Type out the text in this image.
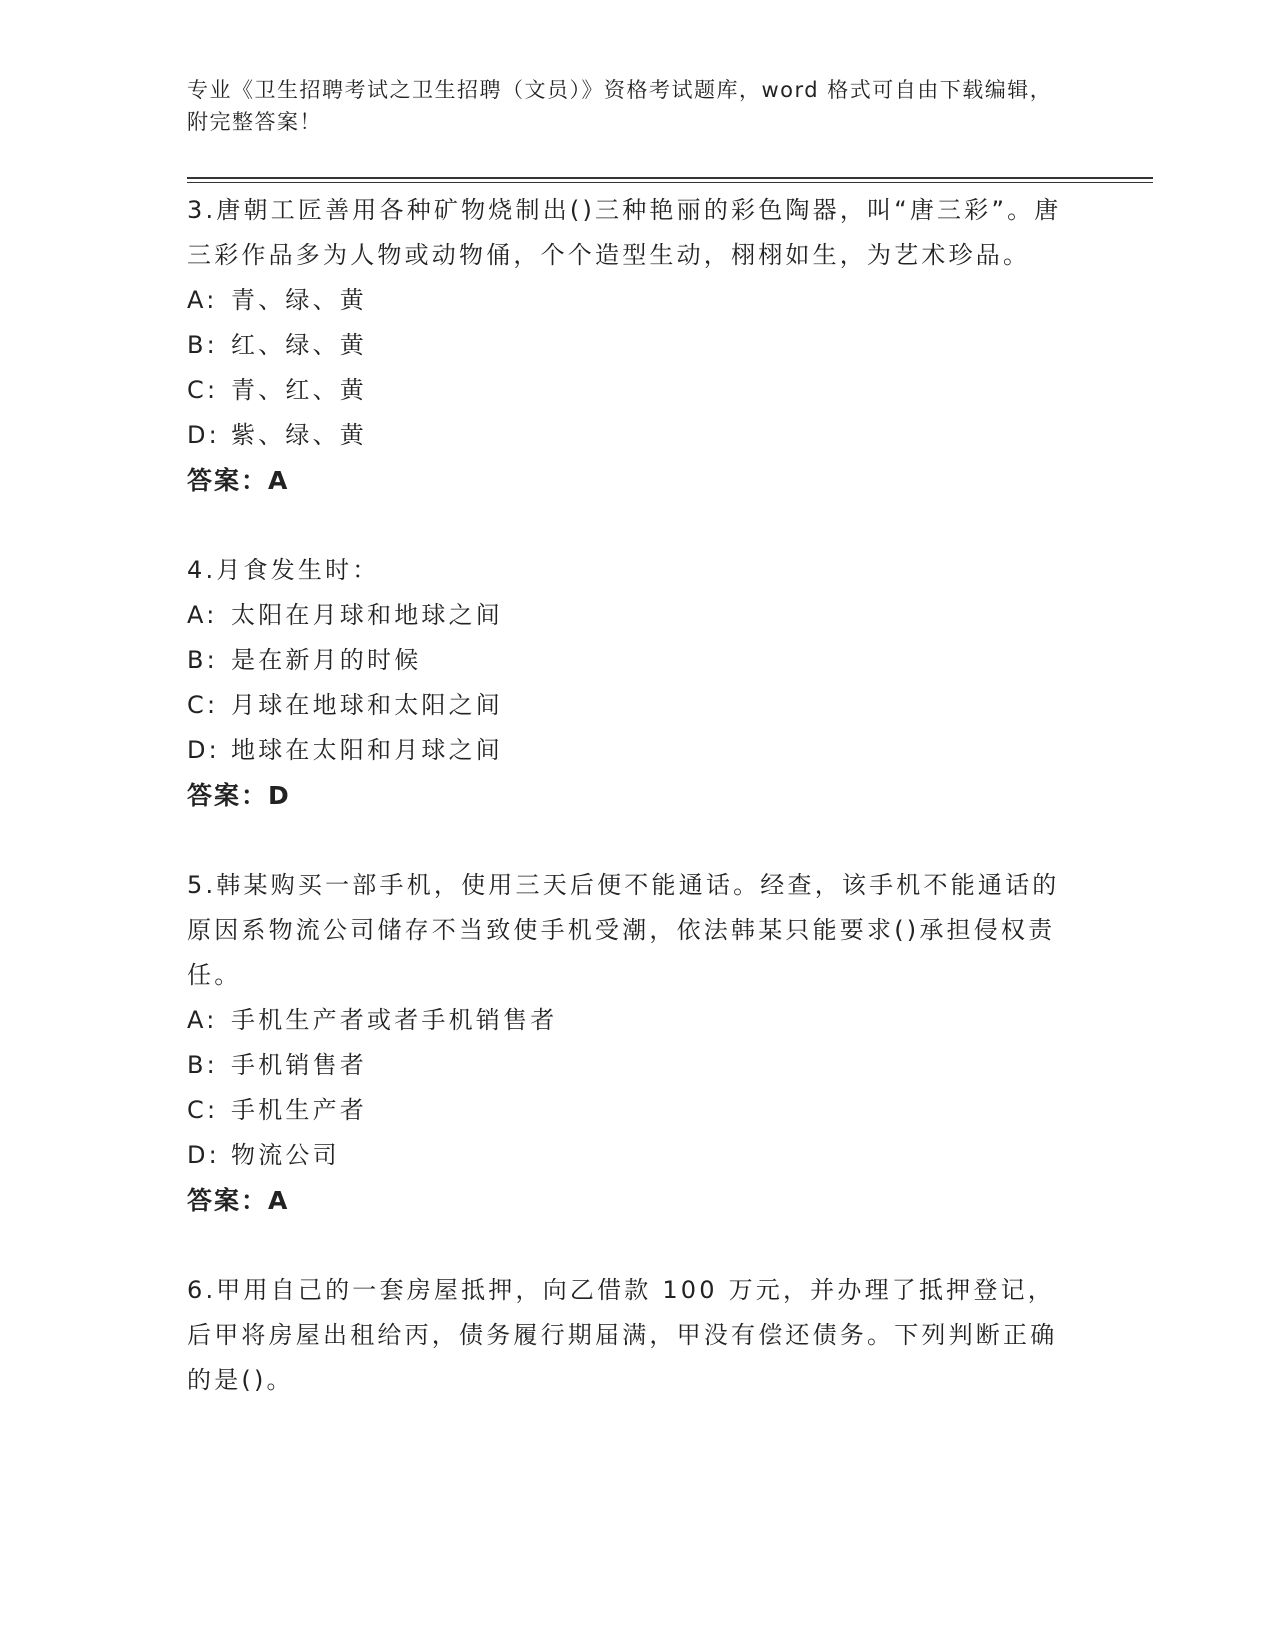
专业《卫生招聘考试之卫生招聘（文员）》资格考试题库，word 格式可自由下载编辑，附完整答案！
3.唐朝工匠善用各种矿物烧制出()三种艳丽的彩色陶器，叫“唐三彩”。唐三彩作品多为人物或动物俑，个个造型生动，栩栩如生，为艺术珍品。
A: 青、绿、黄
B: 红、绿、黄
C: 青、红、黄
D: 紫、绿、黄
答案：A
4.月食发生时：
A: 太阳在月球和地球之间
B: 是在新月的时候
C: 月球在地球和太阳之间
D: 地球在太阳和月球之间
答案：D
5.韩某购买一部手机，使用三天后便不能通话。经查，该手机不能通话的原因系物流公司储存不当致使手机受潮，依法韩某只能要求()承担侵权责任。
A: 手机生产者或者手机销售者
B: 手机销售者
C: 手机生产者
D: 物流公司
答案：A
6.甲用自己的一套房屋抵押，向乙借款 100 万元，并办理了抵押登记，后甲将房屋出租给丙，债务履行期届满，甲没有偿还债务。下列判断正确的是()。
